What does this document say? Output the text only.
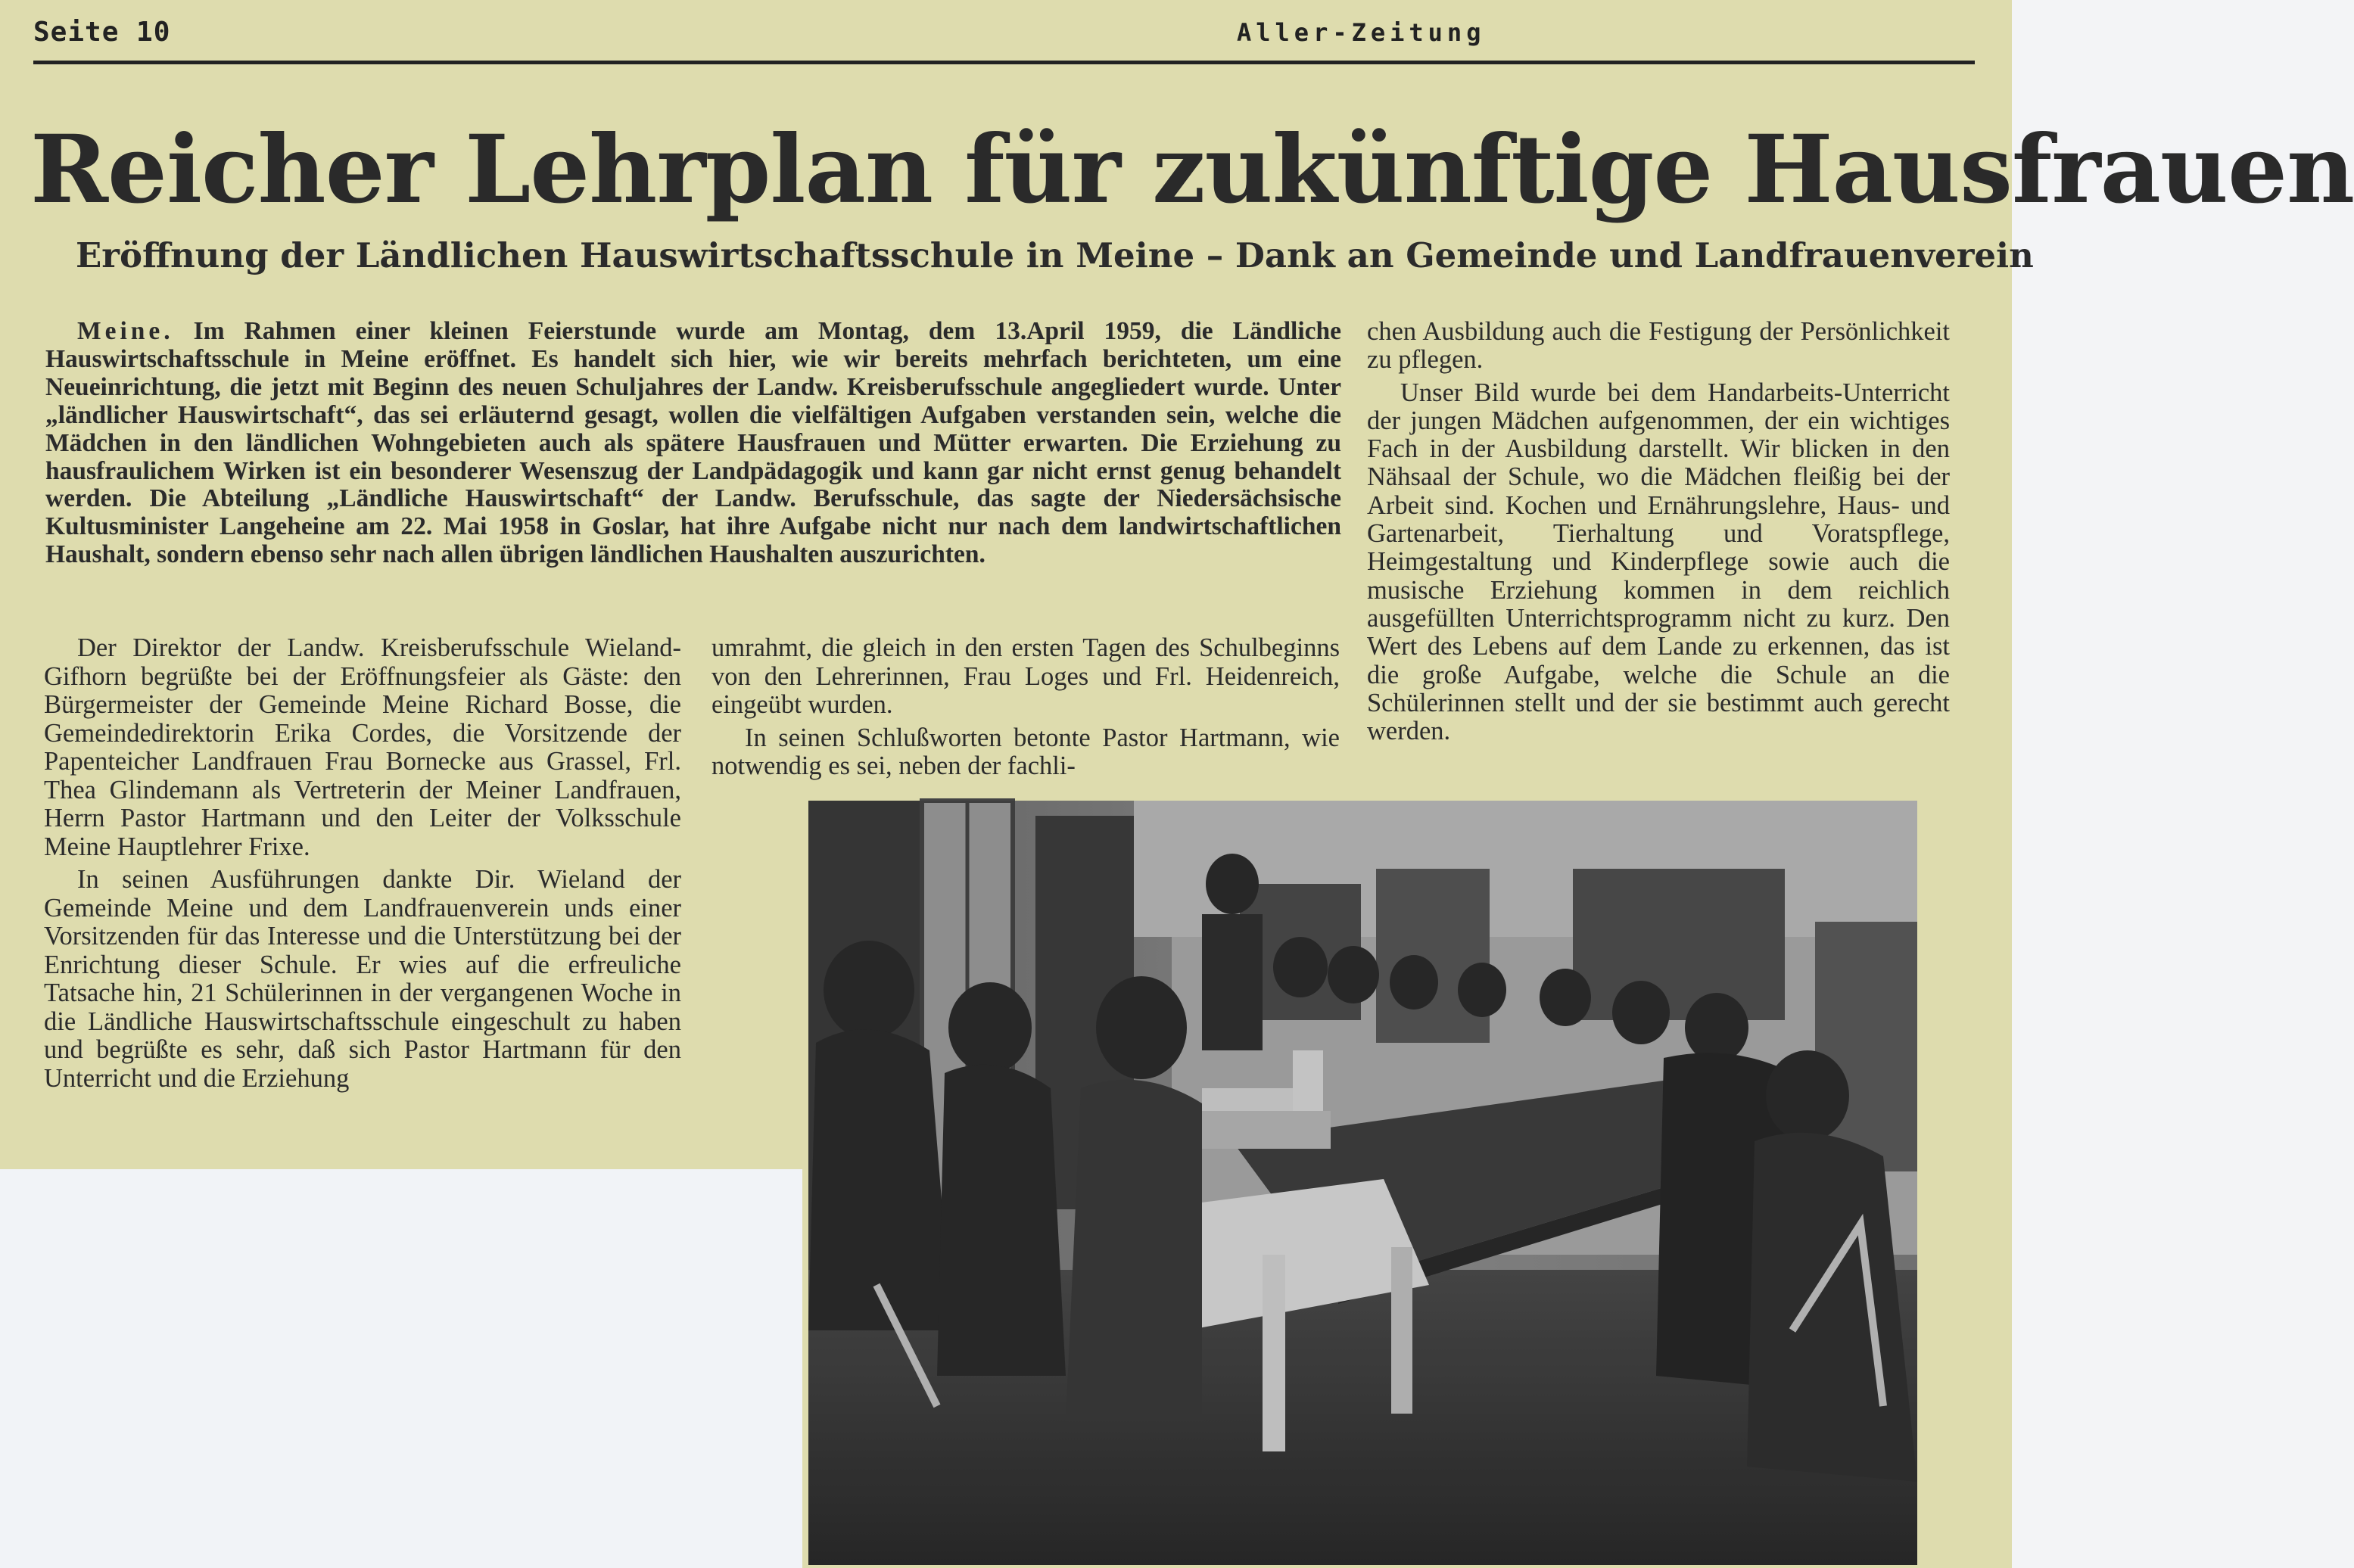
Seite 10	Aller-Zeitung
Reicher Lehrplan für zukünftige Hausfrauen
Eröffnung der Ländlichen Hauswirtschaftsschule in Meine – Dank an Gemeinde und Landfrauenverein

Meine. Im Rahmen einer kleinen Feierstunde wurde am Montag, dem 13.April 1959, die Ländliche Hauswirtschaftsschule in Meine eröffnet. Es handelt sich hier, wie wir bereits mehrfach berichteten, um eine Neueinrichtung, die jetzt mit Beginn des neuen Schuljahres der Landw. Kreisberufsschule angegliedert wurde. Unter „ländlicher Hauswirtschaft“, das sei erläuternd gesagt, wollen die vielfältigen Aufgaben verstanden sein, welche die Mädchen in den ländlichen Wohngebieten auch als spätere Hausfrauen und Mütter erwarten. Die Erziehung zu hausfraulichem Wirken ist ein besonderer Wesenszug der Landpädagogik und kann gar nicht ernst genug behandelt werden. Die Abteilung „Ländliche Hauswirtschaft“ der Landw. Berufsschule, das sagte der Niedersächsische Kultusminister Langeheine am 22. Mai 1958 in Goslar, hat ihre Aufgabe nicht nur nach dem landwirtschaftlichen Haushalt, sondern ebenso sehr nach allen übrigen ländlichen Haushalten auszurichten.

Der Direktor der Landw. Kreisberufsschule Wieland-Gifhorn begrüßte bei der Eröffnungsfeier als Gäste: den Bürgermeister der Gemeinde Meine Richard Bosse, die Gemeindedirektorin Erika Cordes, die Vorsitzende der Papenteicher Landfrauen Frau Bornecke aus Grassel, Frl. Thea Glindemann als Vertreterin der Meiner Landfrauen, Herrn Pastor Hartmann und den Leiter der Volksschule Meine Hauptlehrer Frixe.

In seinen Ausführungen dankte Dir. Wieland der Gemeinde Meine und dem Landfrauenverein unds einer Vorsitzenden für das Interesse und die Unterstützung bei der Enrichtung dieser Schule. Er wies auf die erfreuliche Tatsache hin, 21 Schülerinnen in der vergangenen Woche in die Ländliche Hauswirtschaftsschule eingeschult zu haben und begrüßte es sehr, daß sich Pastor Hartmann für den Unterricht und die Erziehung

umrahmt, die gleich in den ersten Tagen des Schulbeginns von den Lehrerinnen, Frau Loges und Frl. Heidenreich, eingeübt wurden.

In seinen Schlußworten betonte Pastor Hartmann, wie notwendig es sei, neben der fachli-

chen Ausbildung auch die Festigung der Persönlichkeit zu pflegen.

Unser Bild wurde bei dem Handarbeits-Unterricht der jungen Mädchen aufgenommen, der ein wichtiges Fach in der Ausbildung darstellt. Wir blicken in den Nähsaal der Schule, wo die Mädchen fleißig bei der Arbeit sind. Kochen und Ernährungslehre, Haus- und Gartenarbeit, Tierhaltung und Voratspflege, Heimgestaltung und Kinderpflege sowie auch die musische Erziehung kommen in dem reichlich ausgefüllten Unterrichtsprogramm nicht zu kurz. Den Wert des Lebens auf dem Lande zu erkennen, das ist die große Aufgabe, welche die Schule an die Schülerinnen stellt und der sie bestimmt auch gerecht werden.
